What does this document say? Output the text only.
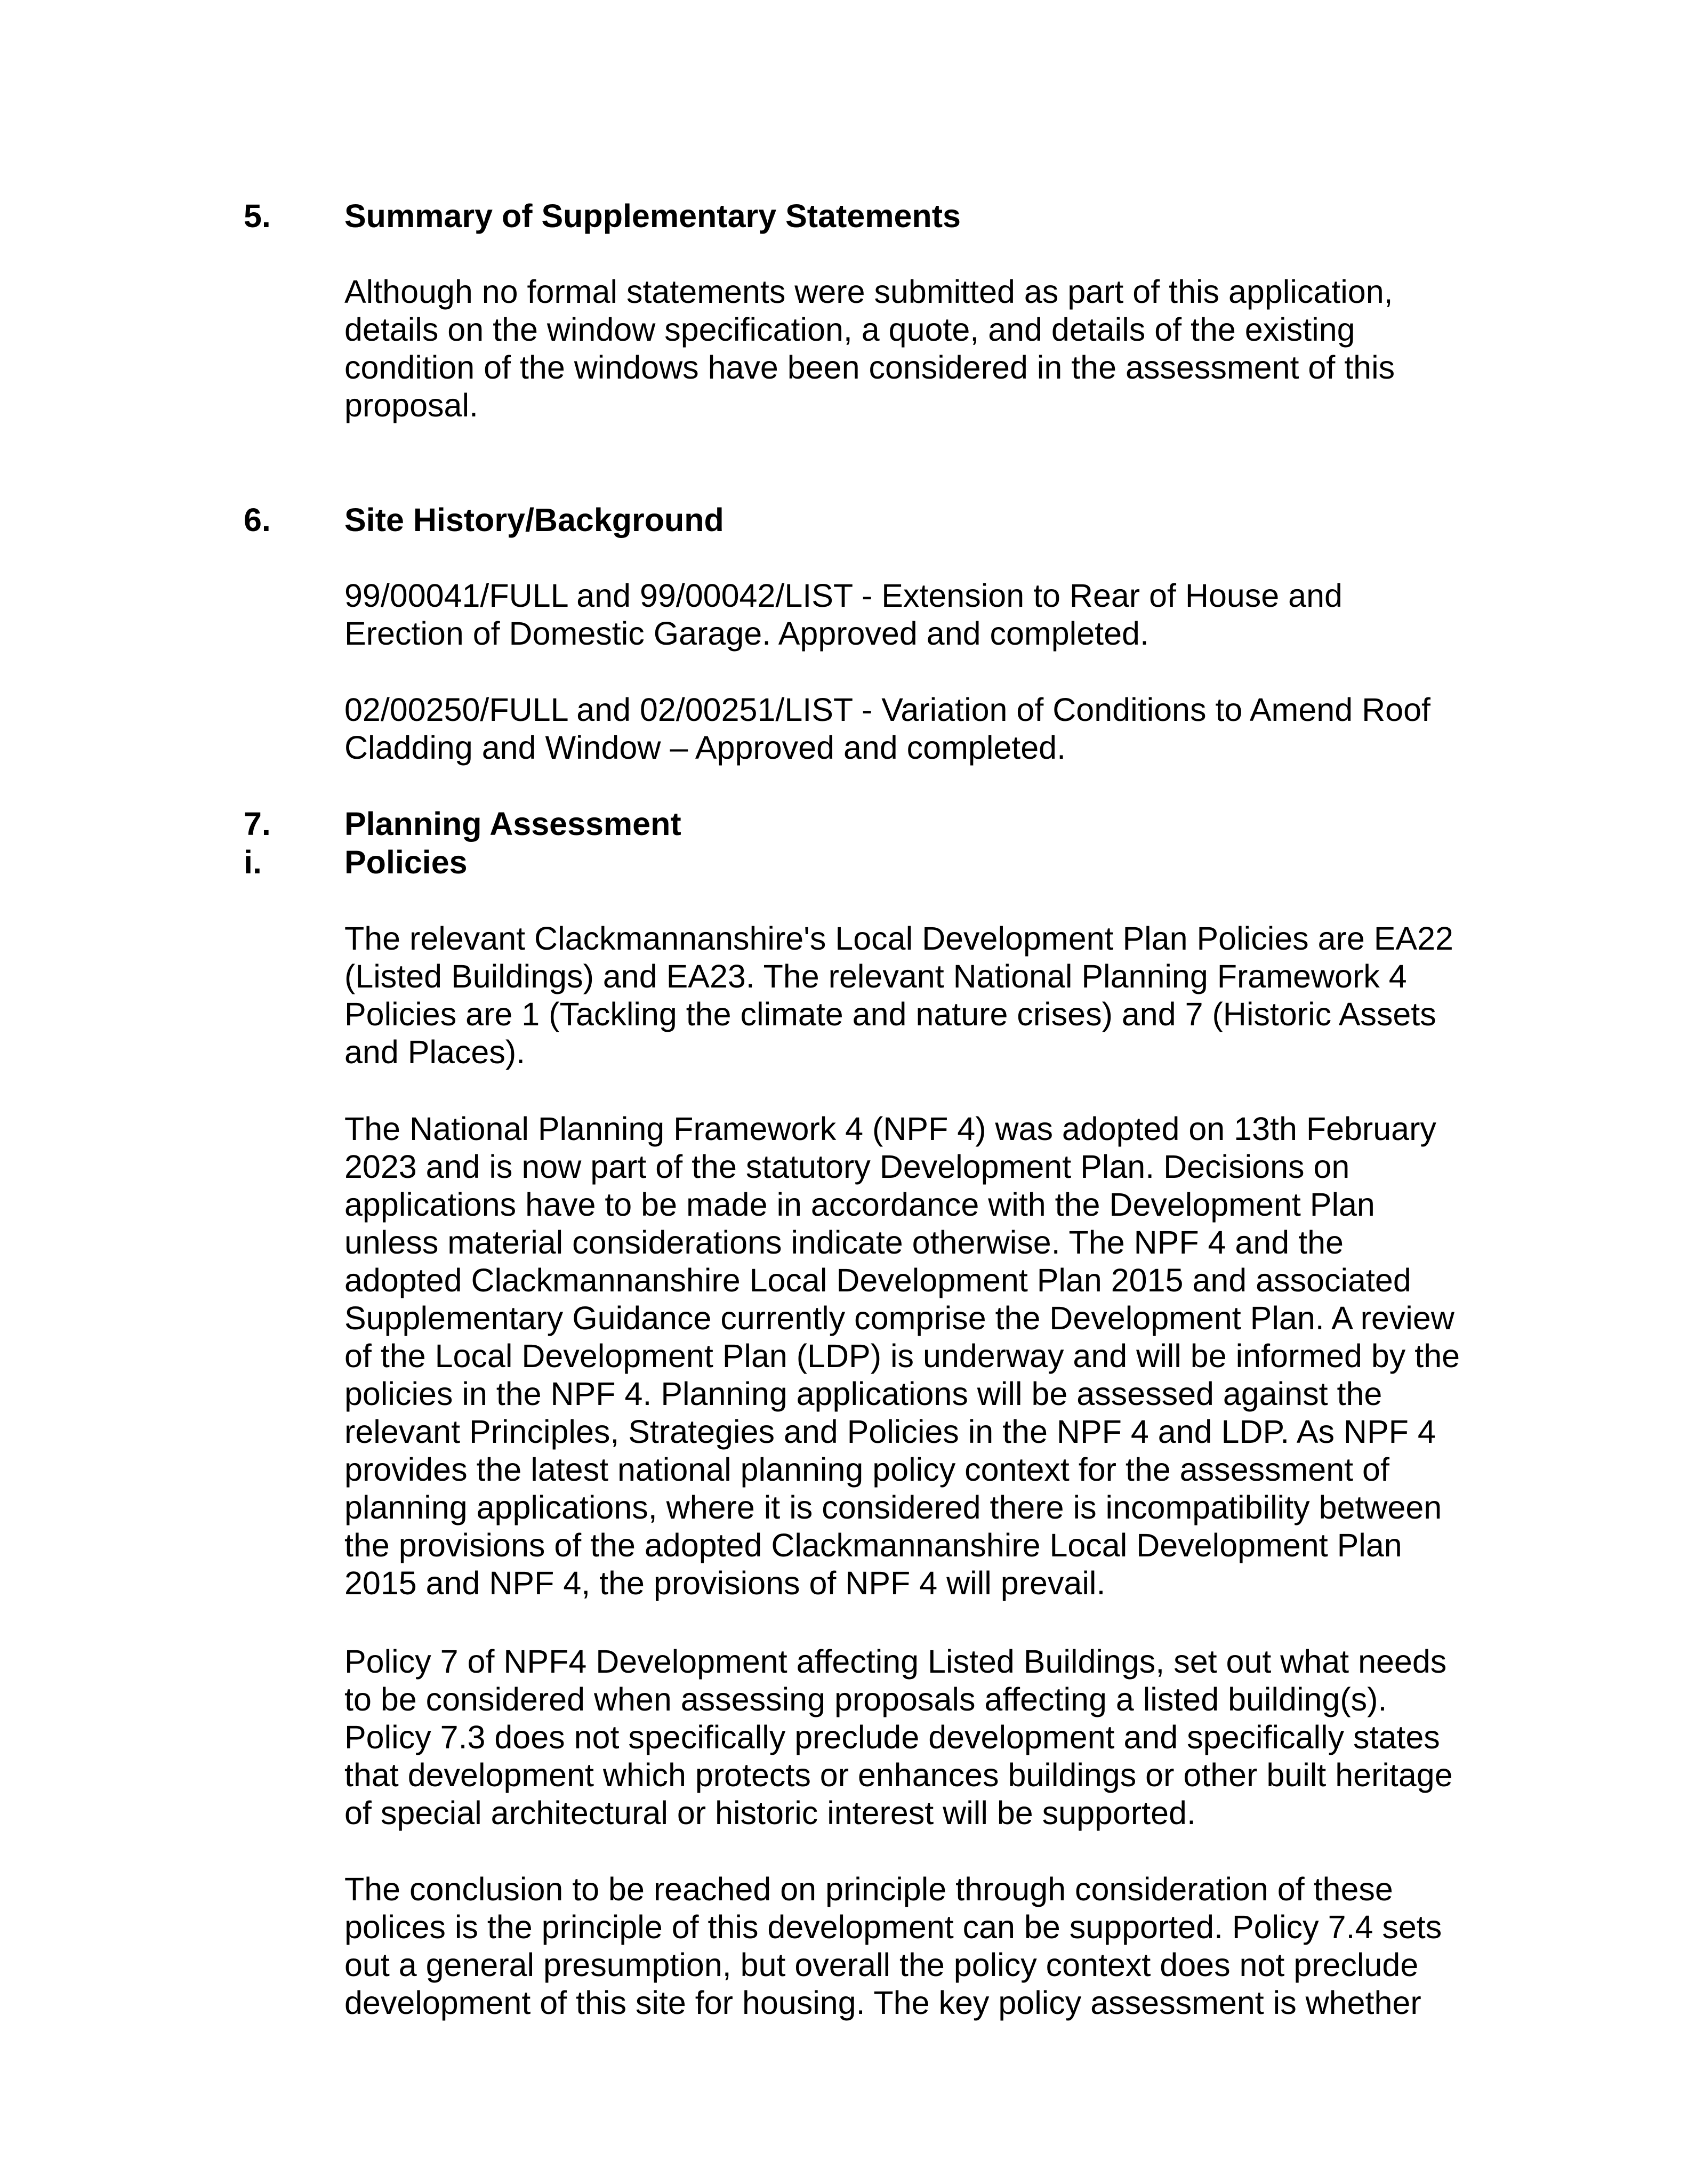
5.	Summary of Supplementary Statements
Although no formal statements were submitted as part of this application,
details on the window specification, a quote, and details of the existing
condition of the windows have been considered in the assessment of this
proposal.
6.	Site History/Background
99/00041/FULL and 99/00042/LIST - Extension to Rear of House and
Erection of Domestic Garage. Approved and completed.
02/00250/FULL and 02/00251/LIST - Variation of Conditions to Amend Roof
Cladding and Window – Approved and completed.
7.	Planning Assessment
i.	Policies
The relevant Clackmannanshire's Local Development Plan Policies are EA22
(Listed Buildings) and EA23. The relevant National Planning Framework 4
Policies are 1 (Tackling the climate and nature crises) and 7 (Historic Assets
and Places).
The National Planning Framework 4 (NPF 4) was adopted on 13th February
2023 and is now part of the statutory Development Plan. Decisions on
applications have to be made in accordance with the Development Plan
unless material considerations indicate otherwise. The NPF 4 and the
adopted Clackmannanshire Local Development Plan 2015 and associated
Supplementary Guidance currently comprise the Development Plan. A review
of the Local Development Plan (LDP) is underway and will be informed by the
policies in the NPF 4. Planning applications will be assessed against the
relevant Principles, Strategies and Policies in the NPF 4 and LDP. As NPF 4
provides the latest national planning policy context for the assessment of
planning applications, where it is considered there is incompatibility between
the provisions of the adopted Clackmannanshire Local Development Plan
2015 and NPF 4, the provisions of NPF 4 will prevail.
Policy 7 of NPF4 Development affecting Listed Buildings, set out what needs
to be considered when assessing proposals affecting a listed building(s).
Policy 7.3 does not specifically preclude development and specifically states
that development which protects or enhances buildings or other built heritage
of special architectural or historic interest will be supported.
The conclusion to be reached on principle through consideration of these
polices is the principle of this development can be supported. Policy 7.4 sets
out a general presumption, but overall the policy context does not preclude
development of this site for housing. The key policy assessment is whether
